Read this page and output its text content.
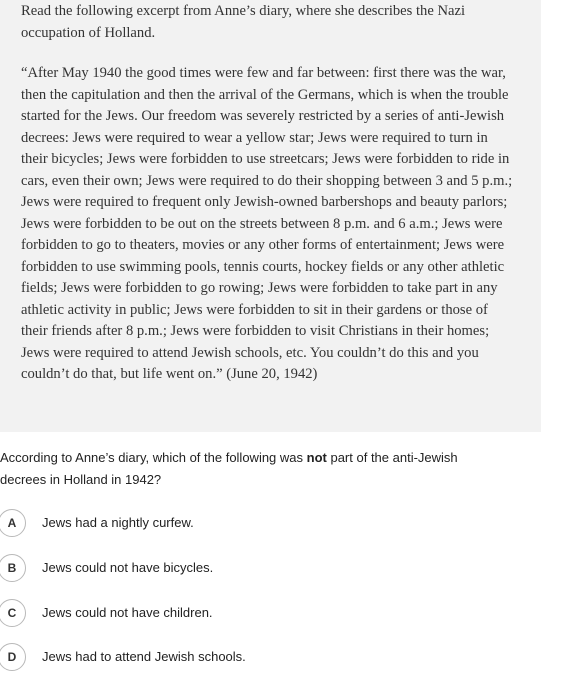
Read the following excerpt from Anne’s diary, where she describes the Nazi occupation of Holland.

“After May 1940 the good times were few and far between: first there was the war, then the capitulation and then the arrival of the Germans, which is when the trouble started for the Jews. Our freedom was severely restricted by a series of anti-Jewish decrees: Jews were required to wear a yellow star; Jews were required to turn in their bicycles; Jews were forbidden to use streetcars; Jews were forbidden to ride in cars, even their own; Jews were required to do their shopping between 3 and 5 p.m.; Jews were required to frequent only Jewish-owned barbershops and beauty parlors; Jews were forbidden to be out on the streets between 8 p.m. and 6 a.m.; Jews were forbidden to go to theaters, movies or any other forms of entertainment; Jews were forbidden to use swimming pools, tennis courts, hockey fields or any other athletic fields; Jews were forbidden to go rowing; Jews were forbidden to take part in any athletic activity in public; Jews were forbidden to sit in their gardens or those of their friends after 8 p.m.; Jews were forbidden to visit Christians in their homes; Jews were required to attend Jewish schools, etc. You couldn’t do this and you couldn’t do that, but life went on.” (June 20, 1942)

According to Anne’s diary, which of the following was not part of the anti-Jewish decrees in Holland in 1942?

A	Jews had a nightly curfew.
B	Jews could not have bicycles.
C	Jews could not have children.
D	Jews had to attend Jewish schools.
